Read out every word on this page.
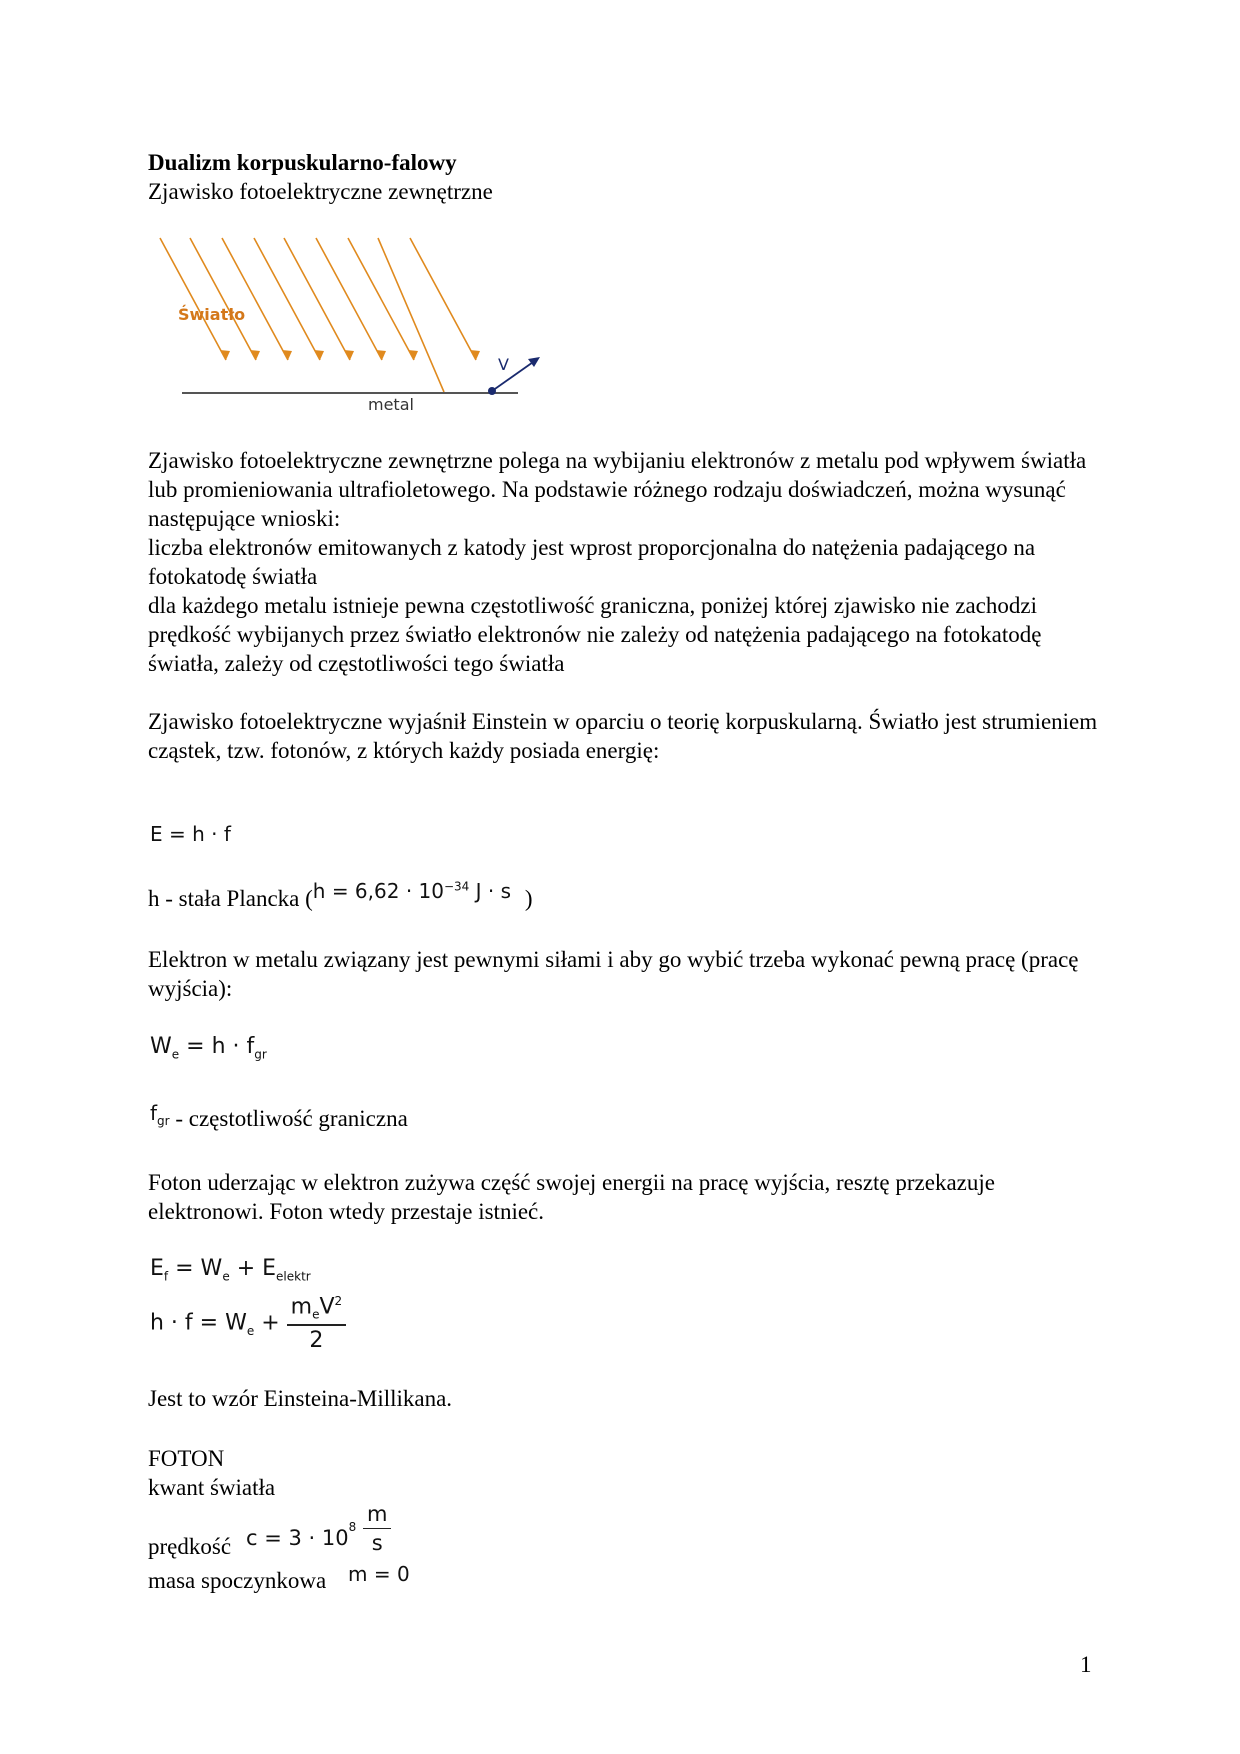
Dualizm korpuskularno-falowy

Zjawisko fotoelektryczne zewnętrzne

Światło
metal
V

Zjawisko fotoelektryczne zewnętrzne polega na wybijaniu elektronów z metalu pod wpływem światła lub promieniowania ultrafioletowego. Na podstawie różnego rodzaju doświadczeń, można wysunąć następujące wnioski:

liczba elektronów emitowanych z katody jest wprost proporcjonalna do natężenia padającego na fotokatodę światła

dla każdego metalu istnieje pewna częstotliwość graniczna, poniżej której zjawisko nie zachodzi

prędkość wybijanych przez światło elektronów nie zależy od natężenia padającego na fotokatodę światła, zależy od częstotliwości tego światła

Zjawisko fotoelektryczne wyjaśnił Einstein w oparciu o teorię korpuskularną. Światło jest strumieniem cząstek, tzw. fotonów, z których każdy posiada energię:

E = h · f
h - stała Plancka ($h = 6,62 \cdot 10^{-34}$ J · s )
Elektron w metalu związany jest pewnymi siłami i aby go wybić trzeba wykonać pewną pracę (pracę wyjścia):
$W_e = h \cdot f_{gr}$
$f_{gr}$ - częstotliwość graniczna
Foton uderzając w elektron zużywa część swojej energii na pracę wyjścia, resztę przekazuje elektronowi. Foton wtedy przestaje istnieć.
$E_f = W_e + E_{elektr}$
$h \cdot f = W_e + \frac{m_eV^2}{2}$
Jest to wzór Einsteina-Millikana.

FOTON

kwant światła

$c = 3 \cdot 10^8 \frac{m}{s}$
prędkość
masa spoczynkowa m = 0
1
